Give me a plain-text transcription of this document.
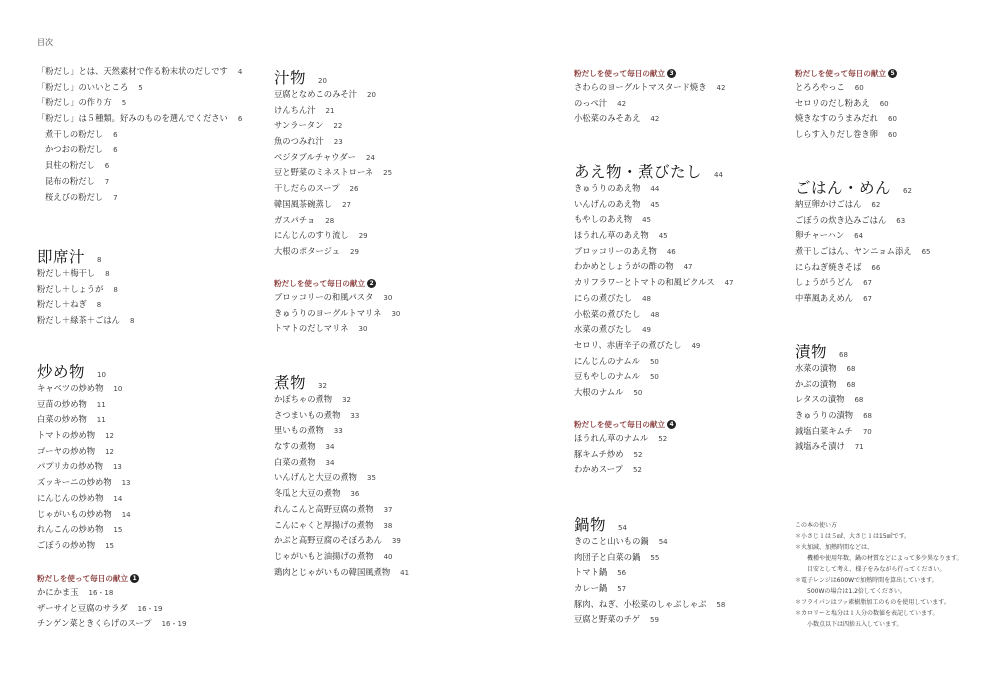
目次
「粉だし」とは、天然素材で作る粉末状のだしです 4
「粉だし」のいいところ 5
「粉だし」の作り方 5
「粉だし」は５種類。好みのものを選んでください 6
煮干しの粉だし 6
かつおの粉だし 6
貝柱の粉だし 6
昆布の粉だし 7
桜えびの粉だし 7
即席汁 8
粉だし＋梅干し 8
粉だし＋しょうが 8
粉だし＋ねぎ 8
粉だし＋緑茶＋ごはん 8
炒め物 10
キャベツの炒め物 10
豆苗の炒め物 11
白菜の炒め物 11
トマトの炒め物 12
ゴーヤの炒め物 12
パプリカの炒め物 13
ズッキーニの炒め物 13
にんじんの炒め物 14
じゃがいもの炒め物 14
れんこんの炒め物 15
ごぼうの炒め物 15
粉だしを使って毎日の献立 1
かにかま玉 16・18
ザーサイと豆腐のサラダ 16・19
チンゲン菜ときくらげのスープ 16・19
汁物 20
豆腐となめこのみそ汁 20
けんちん汁 21
サンラータン 22
魚のつみれ汁 23
ベジタブルチャウダー 24
豆と野菜のミネストローネ 25
干しだらのスープ 26
韓国風茶碗蒸し 27
ガスパチョ 28
にんじんのすり流し 29
大根のポタージュ 29
粉だしを使って毎日の献立 2
ブロッコリーの和風パスタ 30
きゅうりのヨーグルトマリネ 30
トマトのだしマリネ 30
煮物 32
かぼちゃの煮物 32
さつまいもの煮物 33
里いもの煮物 33
なすの煮物 34
白菜の煮物 34
いんげんと大豆の煮物 35
冬瓜と大豆の煮物 36
れんこんと高野豆腐の煮物 37
こんにゃくと厚揚げの煮物 38
かぶと高野豆腐のそぼろあん 39
じゃがいもと油揚げの煮物 40
鶏肉とじゃがいもの韓国風煮物 41
粉だしを使って毎日の献立 3
さわらのヨーグルトマスタード焼き 42
のっぺ汁 42
小松菜のみそあえ 42
あえ物・煮びたし 44
きゅうりのあえ物 44
いんげんのあえ物 45
もやしのあえ物 45
ほうれん草のあえ物 45
ブロッコリーのあえ物 46
わかめとしょうがの酢の物 47
カリフラワーとトマトの和風ピクルス 47
にらの煮びたし 48
小松菜の煮びたし 48
水菜の煮びたし 49
セロリ、赤唐辛子の煮びたし 49
にんじんのナムル 50
豆もやしのナムル 50
大根のナムル 50
粉だしを使って毎日の献立 4
ほうれん草のナムル 52
豚キムチ炒め 52
わかめスープ 52
鍋物 54
きのこと山いもの鍋 54
肉団子と白菜の鍋 55
トマト鍋 56
カレー鍋 57
豚肉、ねぎ、小松菜のしゃぶしゃぶ 58
豆腐と野菜のチゲ 59
粉だしを使って毎日の献立 5
とろろやっこ 60
セロリのだし粉あえ 60
焼きなすのうまみだれ 60
しらす入りだし巻き卵 60
ごはん・めん 62
納豆卵かけごはん 62
ごぼうの炊き込みごはん 63
卵チャーハン 64
煮干しごはん、ヤンニョム添え 65
にらねぎ焼きそば 66
しょうがうどん 67
中華風あえめん 67
漬物 68
水菜の漬物 68
かぶの漬物 68
レタスの漬物 68
きゅうりの漬物 68
減塩白菜キムチ 70
減塩みそ漬け 71
この本の使い方
＊小さじ１は５㎖、大さじ１は15㎖です。
＊火加減、加熱時間などは、
機種や使用年数、鍋の材質などによって多少異なります。
目安として考え、様子をみながら行ってください。
＊電子レンジは600Wで加熱時間を算出しています。
500Wの場合は1.2倍してください。
＊フライパンはフッ素樹脂加工のものを使用しています。
＊カロリーと塩分は１人分の数値を表記しています。
小数点以下は四捨五入しています。
